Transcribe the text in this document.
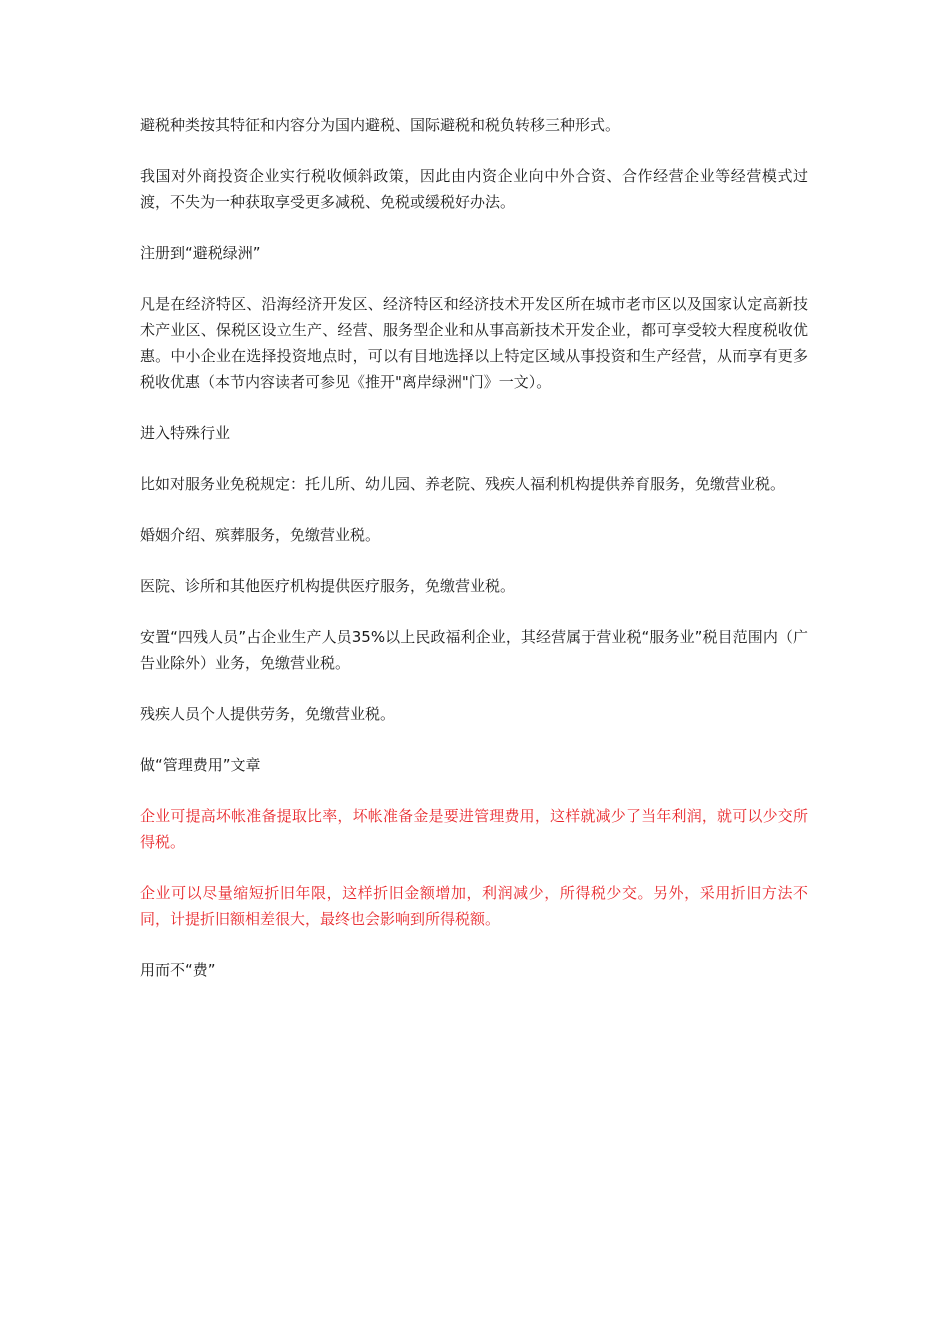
避税种类按其特征和内容分为国内避税、国际避税和税负转移三种形式。

我国对外商投资企业实行税收倾斜政策，因此由内资企业向中外合资、合作经营企业等经营模式过渡，不失为一种获取享受更多减税、免税或缓税好办法。

注册到“避税绿洲”

凡是在经济特区、沿海经济开发区、经济特区和经济技术开发区所在城市老市区以及国家认定高新技术产业区、保税区设立生产、经营、服务型企业和从事高新技术开发企业，都可享受较大程度税收优惠。中小企业在选择投资地点时，可以有目地选择以上特定区域从事投资和生产经营，从而享有更多税收优惠（本节内容读者可参见《推开"离岸绿洲"门》一文）。

进入特殊行业

比如对服务业免税规定：托儿所、幼儿园、养老院、残疾人福利机构提供养育服务，免缴营业税。

婚姻介绍、殡葬服务，免缴营业税。

医院、诊所和其他医疗机构提供医疗服务，免缴营业税。

安置“四残人员”占企业生产人员35%以上民政福利企业，其经营属于营业税“服务业”税目范围内（广告业除外）业务，免缴营业税。

残疾人员个人提供劳务，免缴营业税。

做“管理费用”文章

企业可提高坏帐准备提取比率，坏帐准备金是要进管理费用，这样就减少了当年利润，就可以少交所得税。

企业可以尽量缩短折旧年限，这样折旧金额增加，利润减少，所得税少交。另外，采用折旧方法不同，计提折旧额相差很大，最终也会影响到所得税额。

用而不“费”
